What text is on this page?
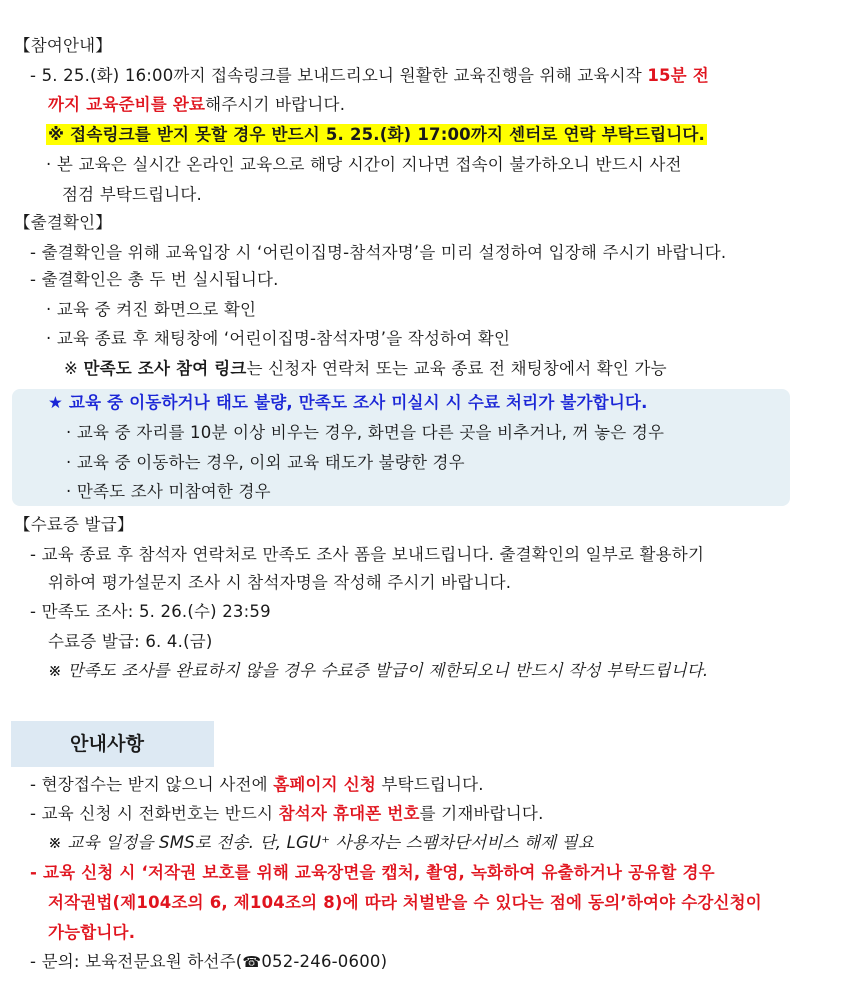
【참여안내】
- 5. 25.(화) 16:00까지 접속링크를 보내드리오니 원활한 교육진행을 위해 교육시작 15분 전
까지 교육준비를 완료해주시기 바랍니다.
※ 접속링크를 받지 못할 경우 반드시 5. 25.(화) 17:00까지 센터로 연락 부탁드립니다.
· 본 교육은 실시간 온라인 교육으로 해당 시간이 지나면 접속이 불가하오니 반드시 사전
점검 부탁드립니다.
【출결확인】
- 출결확인을 위해 교육입장 시 ‘어린이집명-참석자명’을 미리 설정하여 입장해 주시기 바랍니다.
- 출결확인은 총 두 번 실시됩니다.
· 교육 중 켜진 화면으로 확인
· 교육 종료 후 채팅창에 ‘어린이집명-참석자명’을 작성하여 확인
※ 만족도 조사 참여 링크는 신청자 연락처 또는 교육 종료 전 채팅창에서 확인 가능
★ 교육 중 이동하거나 태도 불량, 만족도 조사 미실시 시 수료 처리가 불가합니다.
· 교육 중 자리를 10분 이상 비우는 경우, 화면을 다른 곳을 비추거나, 꺼 놓은 경우
· 교육 중 이동하는 경우, 이외 교육 태도가 불량한 경우
· 만족도 조사 미참여한 경우
【수료증 발급】
- 교육 종료 후 참석자 연락처로 만족도 조사 폼을 보내드립니다. 출결확인의 일부로 활용하기
위하여 평가설문지 조사 시 참석자명을 작성해 주시기 바랍니다.
- 만족도 조사: 5. 26.(수) 23:59
수료증 발급: 6. 4.(금)
※ 만족도 조사를 완료하지 않을 경우 수료증 발급이 제한되오니 반드시 작성 부탁드립니다.
안내사항
- 현장접수는 받지 않으니 사전에 홈페이지 신청 부탁드립니다.
- 교육 신청 시 전화번호는 반드시 참석자 휴대폰 번호를 기재바랍니다.
※ 교육 일정을 SMS로 전송. 단, LGU⁺ 사용자는 스팸차단서비스 해제 필요
- 교육 신청 시 ‘저작권 보호를 위해 교육장면을 캡처, 촬영, 녹화하여 유출하거나 공유할 경우
저작권법(제104조의 6, 제104조의 8)에 따라 처벌받을 수 있다는 점에 동의’하여야 수강신청이
가능합니다.
- 문의: 보육전문요원 하선주(☎052-246-0600)
